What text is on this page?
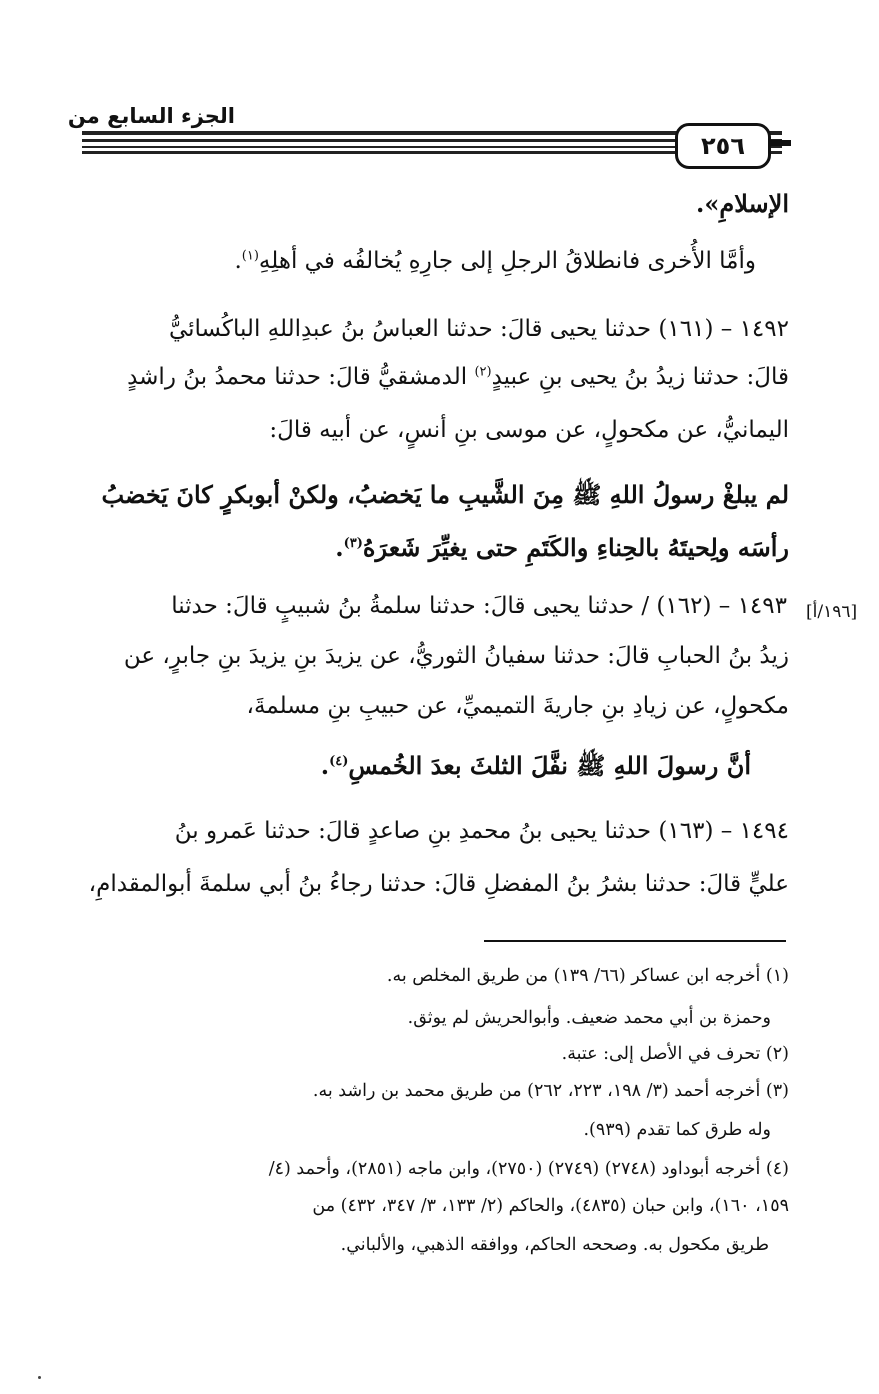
الجزء السابع من
٢٥٦
الإسلامِ».
وأمَّا الأُخرى فانطلاقُ الرجلِ إلى جارِهِ يُخالفُه في أهلِهِ$^{(١)}$.
١٤٩٢ – (١٦١) حدثنا يحيى قالَ: حدثنا العباسُ بنُ عبدِاللهِ الباكُسائيُّ
قالَ: حدثنا زيدُ بنُ يحيى بنِ عبيدٍ$^{(٢)}$ الدمشقيُّ قالَ: حدثنا محمدُ بنُ راشدٍ
اليمانيُّ، عن مكحولٍ، عن موسى بنِ أنسٍ، عن أبيه قالَ:
لم يبلغْ رسولُ اللهِ ﷺ مِنَ الشَّيبِ ما يَخضبُ، ولكنْ أبوبكرٍ كانَ يَخضبُ
رأسَه ولِحيتَهُ بالحِناءِ والكَتَمِ حتى يغيِّرَ شَعرَهُ$^{(٣)}$.
١٤٩٣ – (١٦٢) / حدثنا يحيى قالَ: حدثنا سلمةُ بنُ شبيبٍ قالَ: حدثنا
زيدُ بنُ الحبابِ قالَ: حدثنا سفيانُ الثوريُّ، عن يزيدَ بنِ يزيدَ بنِ جابرٍ، عن
مكحولٍ، عن زيادِ بنِ جاريةَ التميميِّ، عن حبيبِ بنِ مسلمةَ،
أنَّ رسولَ اللهِ ﷺ نفَّلَ الثلثَ بعدَ الخُمسِ$^{(٤)}$.
١٤٩٤ – (١٦٣) حدثنا يحيى بنُ محمدِ بنِ صاعدٍ قالَ: حدثنا عَمرو بنُ
عليٍّ قالَ: حدثنا بشرُ بنُ المفضلِ قالَ: حدثنا رجاءُ بنُ أبي سلمةَ أبوالمقدامِ،
[١٩٦/أ]
(١) أخرجه ابن عساكر (٦٦/ ١٣٩) من طريق المخلص به.
وحمزة بن أبي محمد ضعيف. وأبوالحريش لم يوثق.
(٢) تحرف في الأصل إلى: عتبة.
(٣) أخرجه أحمد (٣/ ١٩٨، ٢٢٣، ٢٦٢) من طريق محمد بن راشد به.
وله طرق كما تقدم (٩٣٩).
(٤) أخرجه أبوداود (٢٧٤٨) (٢٧٤٩) (٢٧٥٠)، وابن ماجه (٢٨٥١)، وأحمد (٤/
١٥٩، ١٦٠)، وابن حبان (٤٨٣٥)، والحاكم (٢/ ١٣٣، ٣/ ٣٤٧، ٤٣٢) من
طريق مكحول به. وصححه الحاكم، ووافقه الذهبي، والألباني.
